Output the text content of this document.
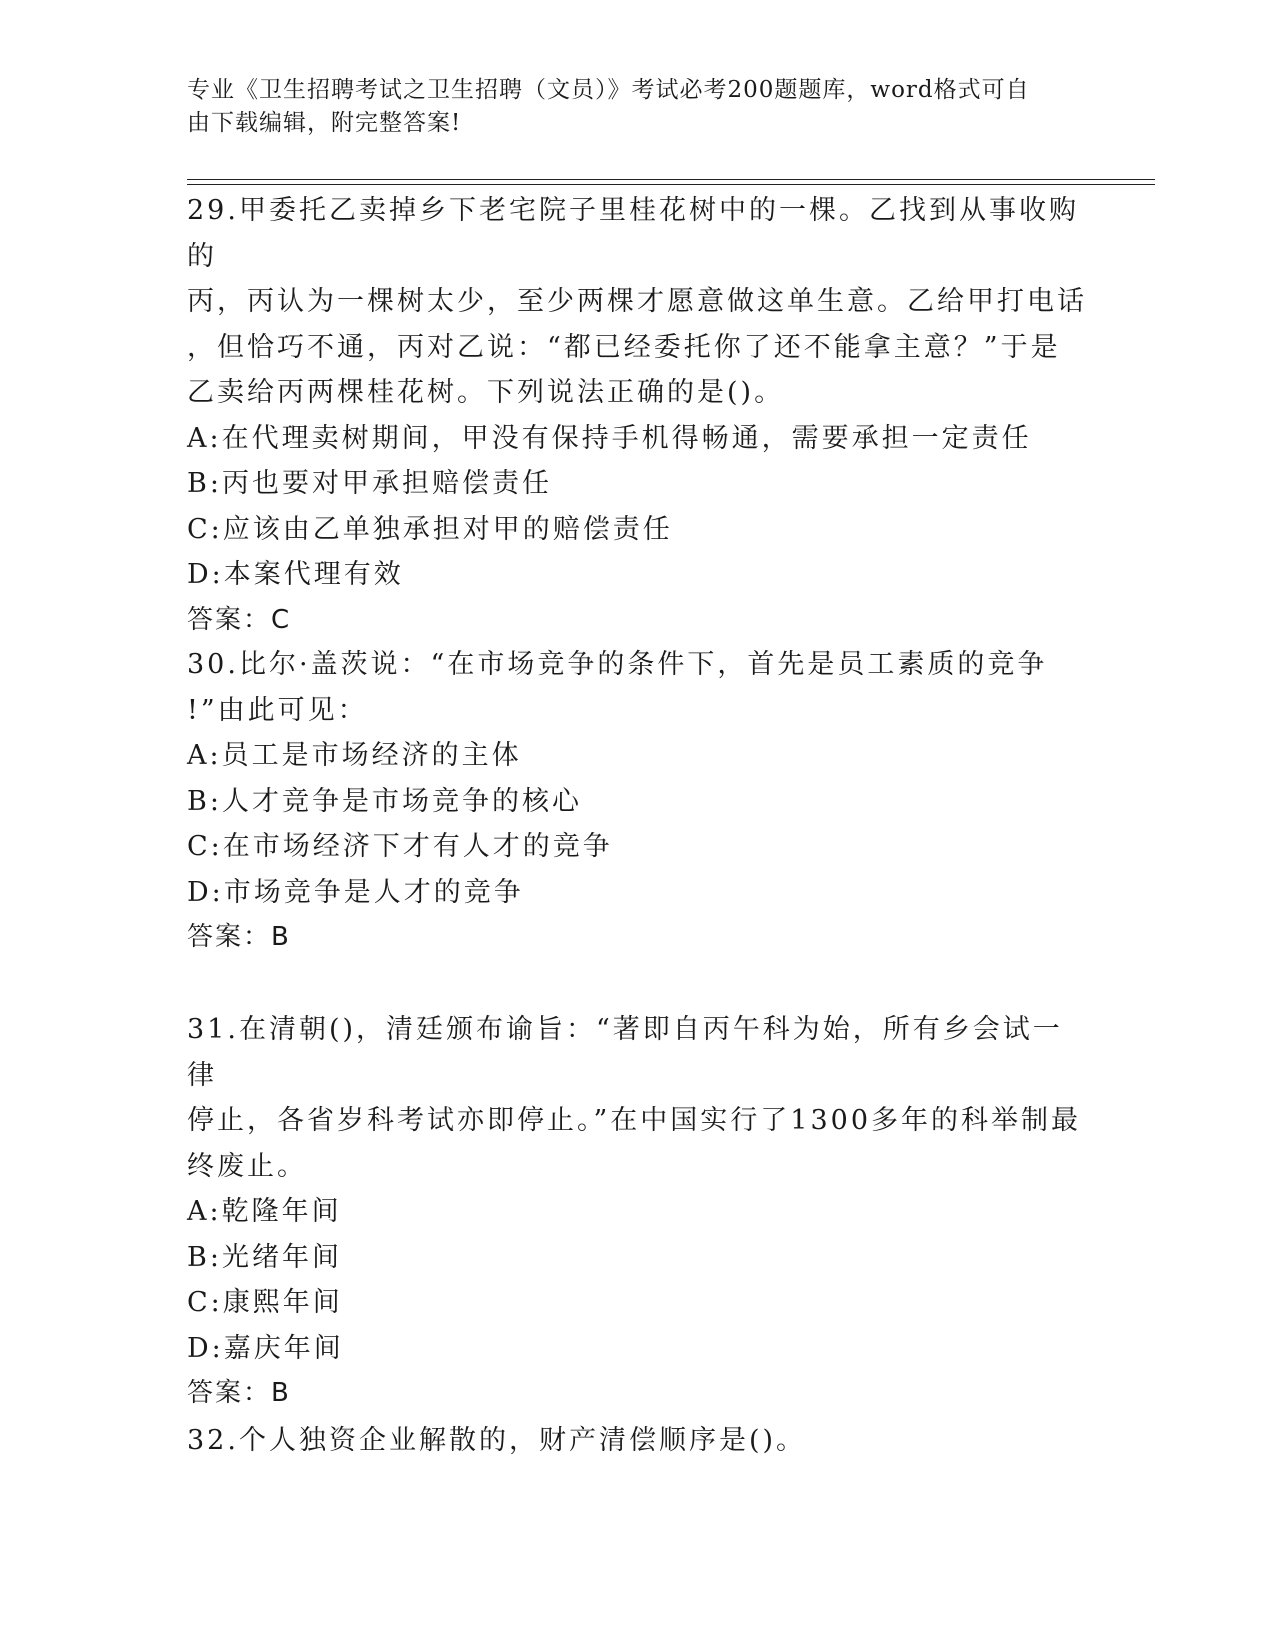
专业《卫生招聘考试之卫生招聘（文员）》考试必考200题题库，word格式可自
由下载编辑，附完整答案!
29.甲委托乙卖掉乡下老宅院子里桂花树中的一棵。乙找到从事收购的
丙，丙认为一棵树太少，至少两棵才愿意做这单生意。乙给甲打电话
，但恰巧不通，丙对乙说：“都已经委托你了还不能拿主意？”于是
乙卖给丙两棵桂花树。下列说法正确的是()。
A:在代理卖树期间，甲没有保持手机得畅通，需要承担一定责任
B:丙也要对甲承担赔偿责任
C:应该由乙单独承担对甲的赔偿责任
D:本案代理有效
答案：C
30.比尔·盖茨说：“在市场竞争的条件下，首先是员工素质的竞争
!”由此可见：
A:员工是市场经济的主体
B:人才竞争是市场竞争的核心
C:在市场经济下才有人才的竞争
D:市场竞争是人才的竞争
答案：B
31.在清朝()，清廷颁布谕旨：“著即自丙午科为始，所有乡会试一律
停止，各省岁科考试亦即停止。”在中国实行了1300多年的科举制最
终废止。
A:乾隆年间
B:光绪年间
C:康熙年间
D:嘉庆年间
答案：B
32.个人独资企业解散的，财产清偿顺序是()。
